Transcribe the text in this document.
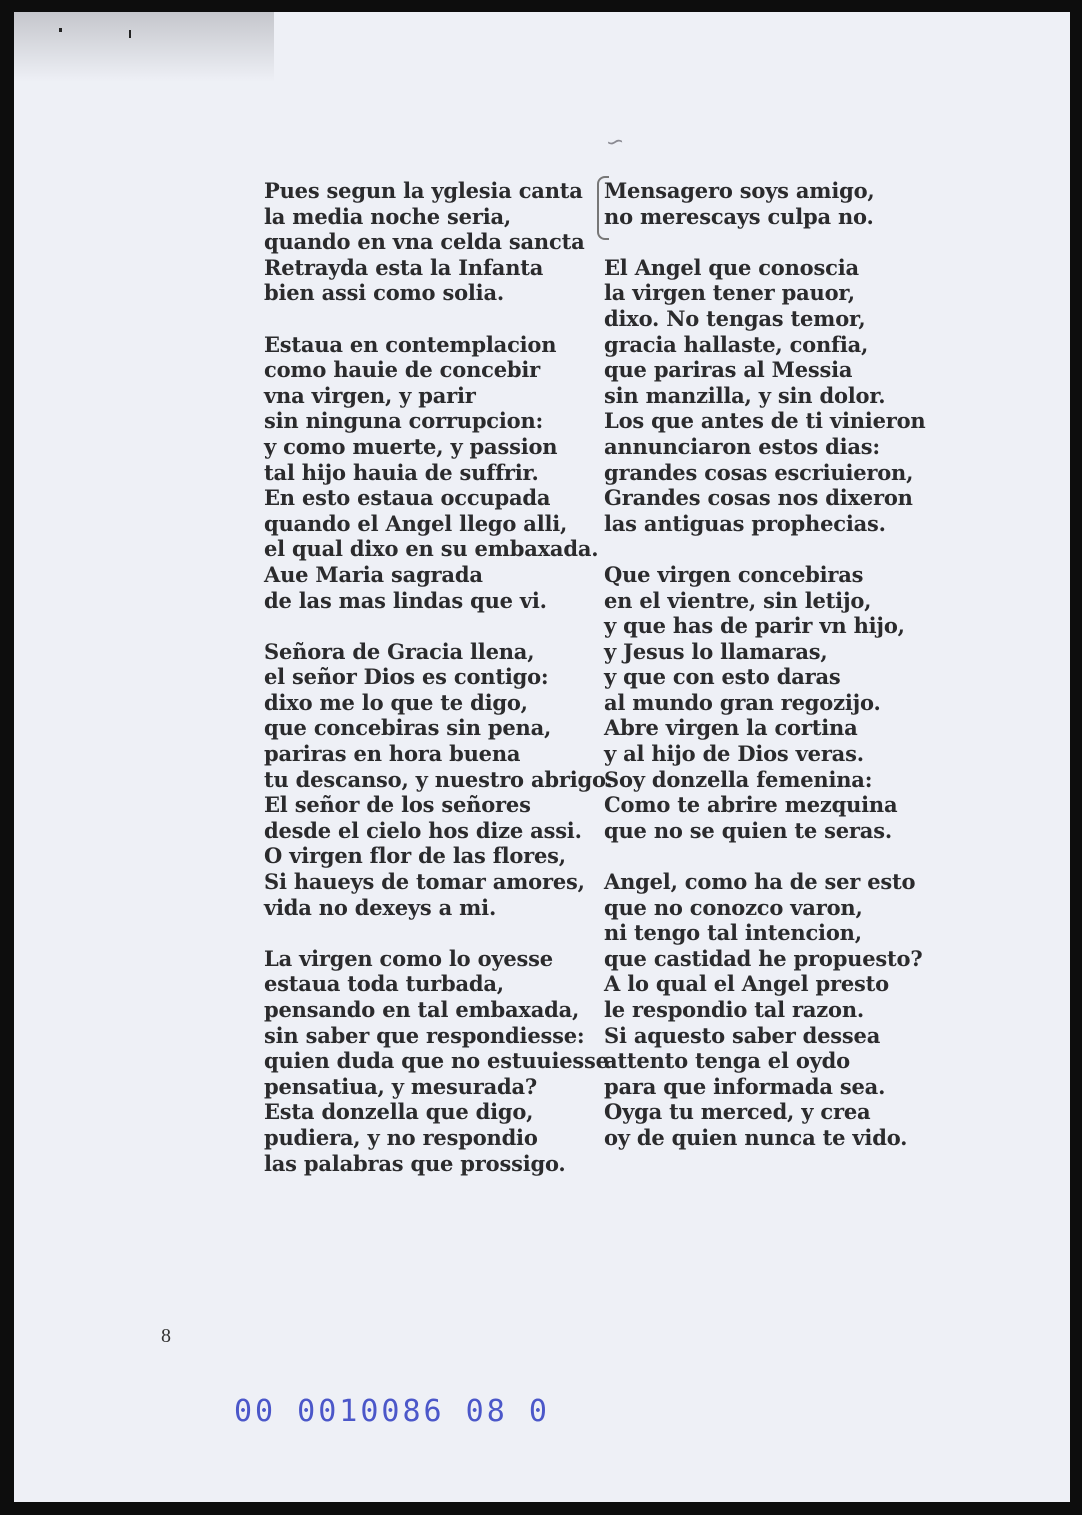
∽
Pues segun la yglesia canta
la media noche seria,
quando en vna celda sancta
Retrayda esta la Infanta
bien assi como solia.
Estaua en contemplacion
como hauie de concebir
vna virgen, y parir
sin ninguna corrupcion:
y como muerte, y passion
tal hijo hauia de suffrir.
En esto estaua occupada
quando el Angel llego alli,
el qual dixo en su embaxada.
Aue Maria sagrada
de las mas lindas que vi.
Señora de Gracia llena,
el señor Dios es contigo:
dixo me lo que te digo,
que concebiras sin pena,
pariras en hora buena
tu descanso, y nuestro abrigo.
El señor de los señores
desde el cielo hos dize assi.
O virgen flor de las flores,
Si haueys de tomar amores,
vida no dexeys a mi.
La virgen como lo oyesse
estaua toda turbada,
pensando en tal embaxada,
sin saber que respondiesse:
quien duda que no estuuiesse
pensatiua, y mesurada?
Esta donzella que digo,
pudiera, y no respondio
las palabras que prossigo.
Mensagero soys amigo,
no merescays culpa no.
El Angel que conoscia
la virgen tener pauor,
dixo. No tengas temor,
gracia hallaste, confia,
que pariras al Messia
sin manzilla, y sin dolor.
Los que antes de ti vinieron
annunciaron estos dias:
grandes cosas escriuieron,
Grandes cosas nos dixeron
las antiguas prophecias.
Que virgen concebiras
en el vientre, sin letijo,
y que has de parir vn hijo,
y Jesus lo llamaras,
y que con esto daras
al mundo gran regozijo.
Abre virgen la cortina
y al hijo de Dios veras.
Soy donzella femenina:
Como te abrire mezquina
que no se quien te seras.
Angel, como ha de ser esto
que no conozco varon,
ni tengo tal intencion,
que castidad he propuesto?
A lo qual el Angel presto
le respondio tal razon.
Si aquesto saber dessea
attento tenga el oydo
para que informada sea.
Oyga tu merced, y crea
oy de quien nunca te vido.
8
00 0010086 08 0
